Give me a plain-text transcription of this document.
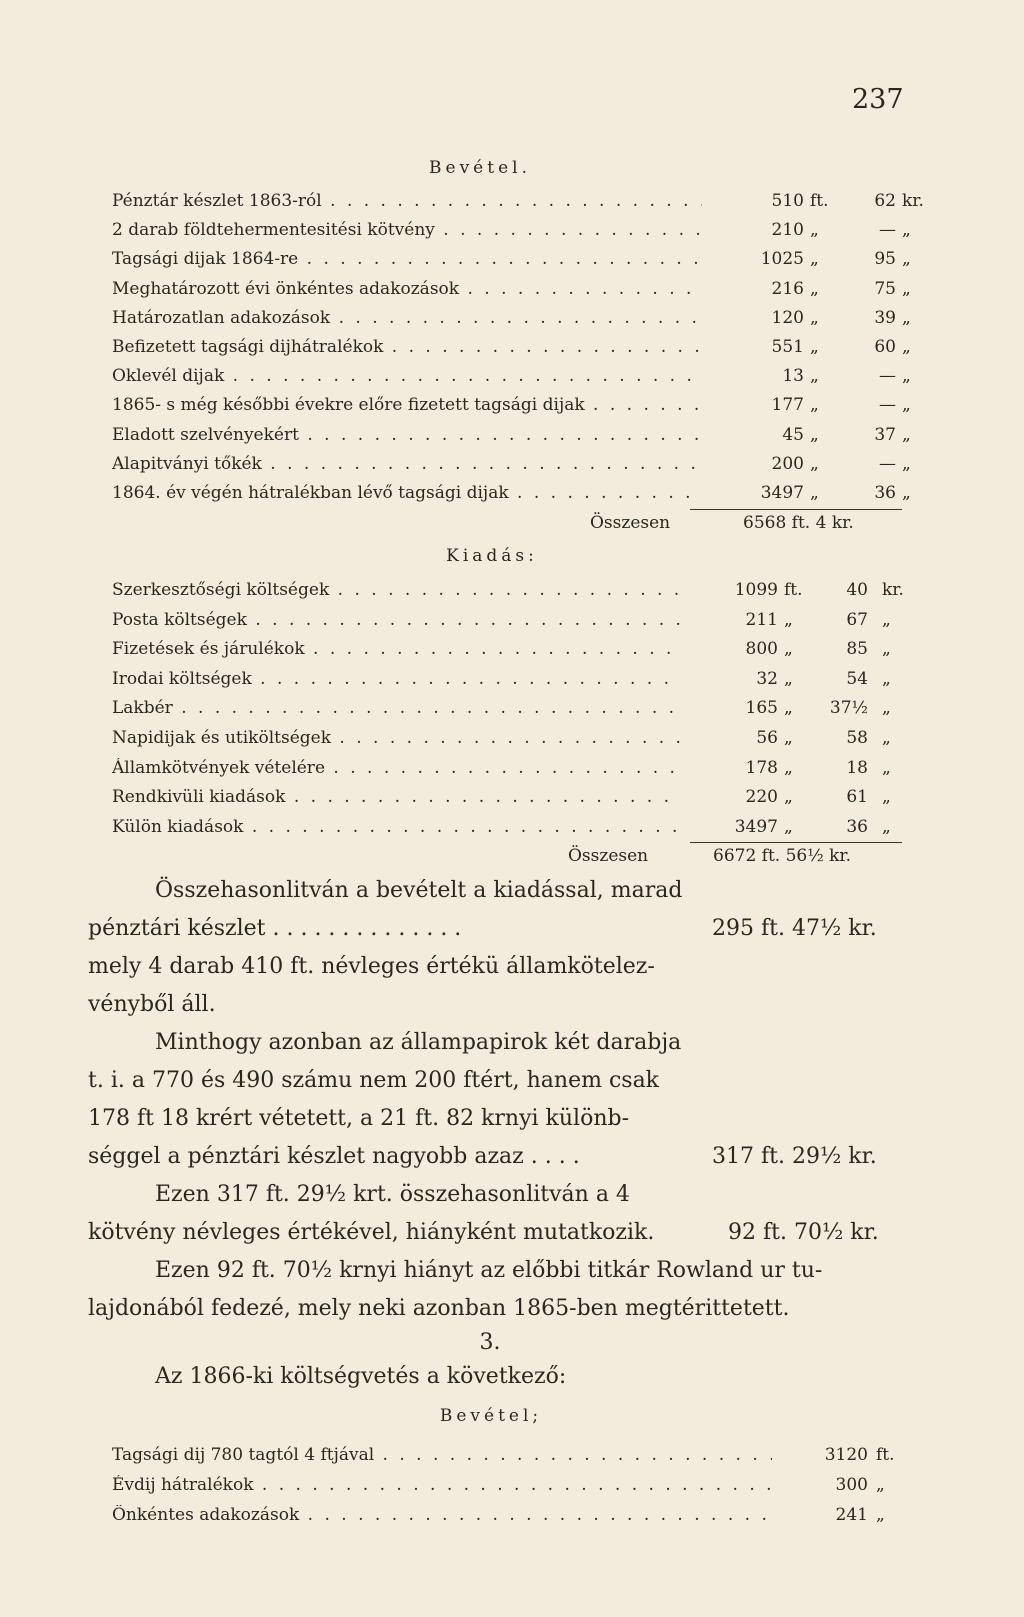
237
Bevétel.
Pénztár készlet 1863-ról . . .	510 ft.	62 kr.
2 darab földtehermentesitési kötvény . . .	210 „	— „
Tagsági dijak 1864-re . . .	1025 „	95 „
Meghatározott évi önkéntes adakozások . . .	216 „	75 „
Határozatlan adakozások . . .	120 „	39 „
Befizetett tagsági dijhátralékok . . .	551 „	60 „
Oklevél dijak . . .	13 „	— „
1865- s még későbbi évekre előre fizetett tagsági dijak . . .	177 „	— „
Eladott szelvényekért . . .	45 „	37 „
Alapitványi tőkék . . .	200 „	— „
1864. év végén hátralékban lévő tagsági dijak . . .	3497 „	36 „
Összesen	6568 ft. 4 kr.
Kiadás:
Szerkesztőségi költségek . . .	1099 ft.	40 kr.
Posta költségek . . .	211 „	67 „
Fizetések és járulékok . . .	800 „	85 „
Irodai költségek . . .	32 „	54 „
Lakbér . . .	165 „	37½ „
Napidijak és utiköltségek . . .	56 „	58 „
Államkötvények vételére . . .	178 „	18 „
Rendkivüli kiadások . . .	220 „	61 „
Külön kiadások . . .	3497 „	36 „
Összesen	6672 ft. 56½ kr.
Összehasonlitván a bevételt a kiadással, marad
pénztári készlet . . . . . . . . . . . . . .	295 ft. 47½ kr.
mely 4 darab 410 ft. névleges értékü államkötelez-
vényből áll.
Minthogy azonban az állampapirok két darabja
t. i. a 770 és 490 számu nem 200 ftért, hanem csak
178 ft 18 krért vétetett, a 21 ft. 82 krnyi különb-
séggel a pénztári készlet nagyobb azaz . . . .	317 ft. 29½ kr.
Ezen 317 ft. 29½ krt. összehasonlitván a 4
kötvény névleges értékével, hiányként mutatkozik.	92 ft. 70½ kr.
Ezen 92 ft. 70½ krnyi hiányt az előbbi titkár Rowland ur tu-
lajdonából fedezé, mely neki azonban 1865-ben megtérittetett.
3.
Az 1866-ki költségvetés a következő:
Bevétel;
Tagsági dij 780 tagtól 4 ftjával . . .	3120 ft.
Évdij hátralékok . . .	300 „
Önkéntes adakozások . . .	241 „
